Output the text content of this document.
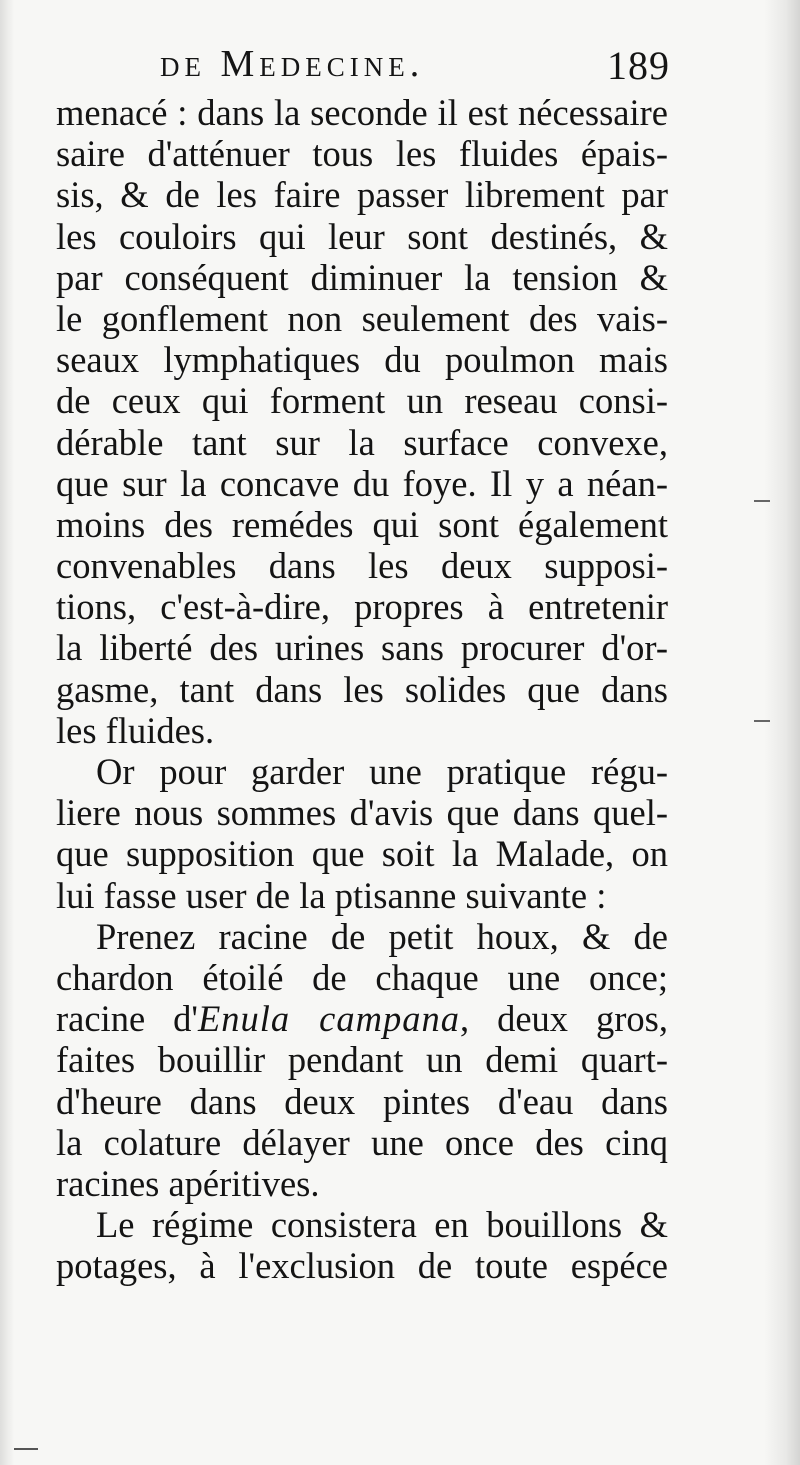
de Medecine.	189
menacé : dans la seconde il est nécessaire
saire d'atténuer tous les fluides épais-
sis, & de les faire passer librement par
les couloirs qui leur sont destinés, &
par conséquent diminuer la tension &
le gonflement non seulement des vais-
seaux lymphatiques du poulmon mais
de ceux qui forment un reseau consi-
dérable tant sur la surface convexe,
que sur la concave du foye. Il y a néan-
moins des remédes qui sont également
convenables dans les deux supposi-
tions, c'est-à-dire, propres à entretenir
la liberté des urines sans procurer d'or-
gasme, tant dans les solides que dans
les fluides.
Or pour garder une pratique régu-
liere nous sommes d'avis que dans quel-
que supposition que soit la Malade, on
lui fasse user de la ptisanne suivante :
Prenez racine de petit houx, & de
chardon étoilé de chaque une once;
racine d'Enula campana, deux gros,
faites bouillir pendant un demi quart-
d'heure dans deux pintes d'eau dans
la colature délayer une once des cinq
racines apéritives.
Le régime consistera en bouillons &
potages, à l'exclusion de toute espéce
